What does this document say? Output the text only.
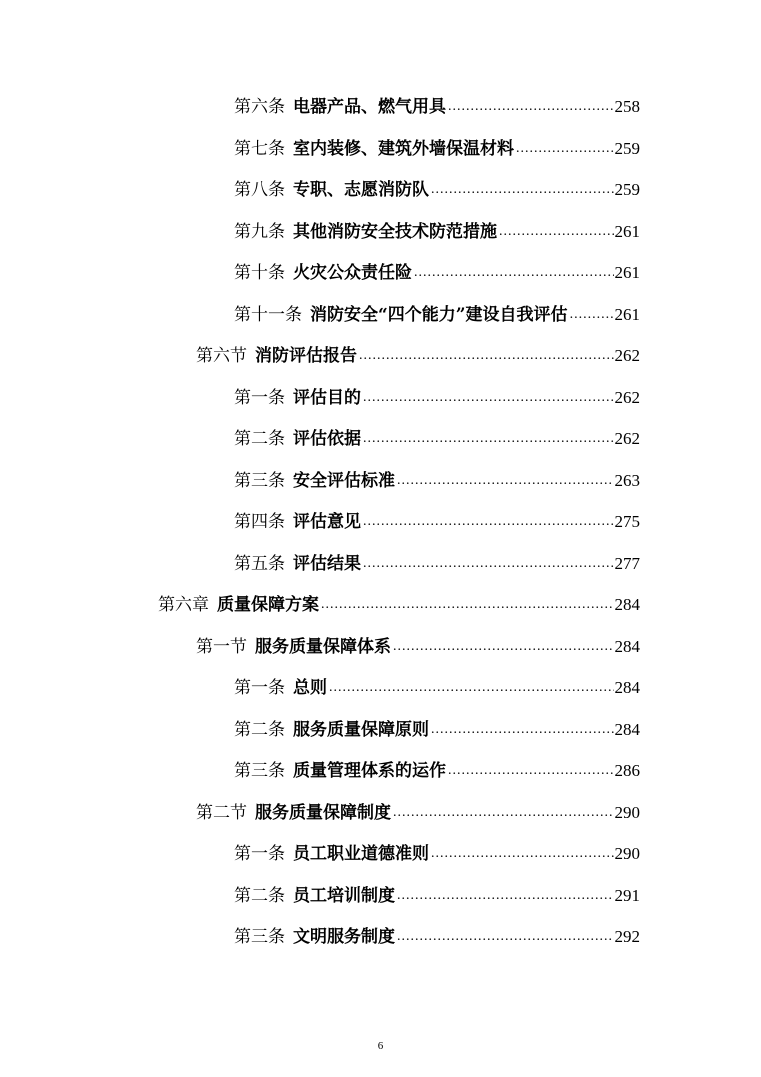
第六条 电器产品、燃气用具 .....	258
第七条 室内装修、建筑外墙保温材料 .....	259
第八条 专职、志愿消防队 .....	259
第九条 其他消防安全技术防范措施 .....	261
第十条 火灾公众责任险 .....	261
第十一条 消防安全“四个能力”建设自我评估 .....	261
第六节 消防评估报告 .....	262
第一条 评估目的 .....	262
第二条 评估依据 .....	262
第三条 安全评估标准 .....	263
第四条 评估意见 .....	275
第五条 评估结果 .....	277
第六章 质量保障方案 .....	284
第一节 服务质量保障体系 .....	284
第一条 总则 .....	284
第二条 服务质量保障原则 .....	284
第三条 质量管理体系的运作 .....	286
第二节 服务质量保障制度 .....	290
第一条 员工职业道德准则 .....	290
第二条 员工培训制度 .....	291
第三条 文明服务制度 .....	292
6
